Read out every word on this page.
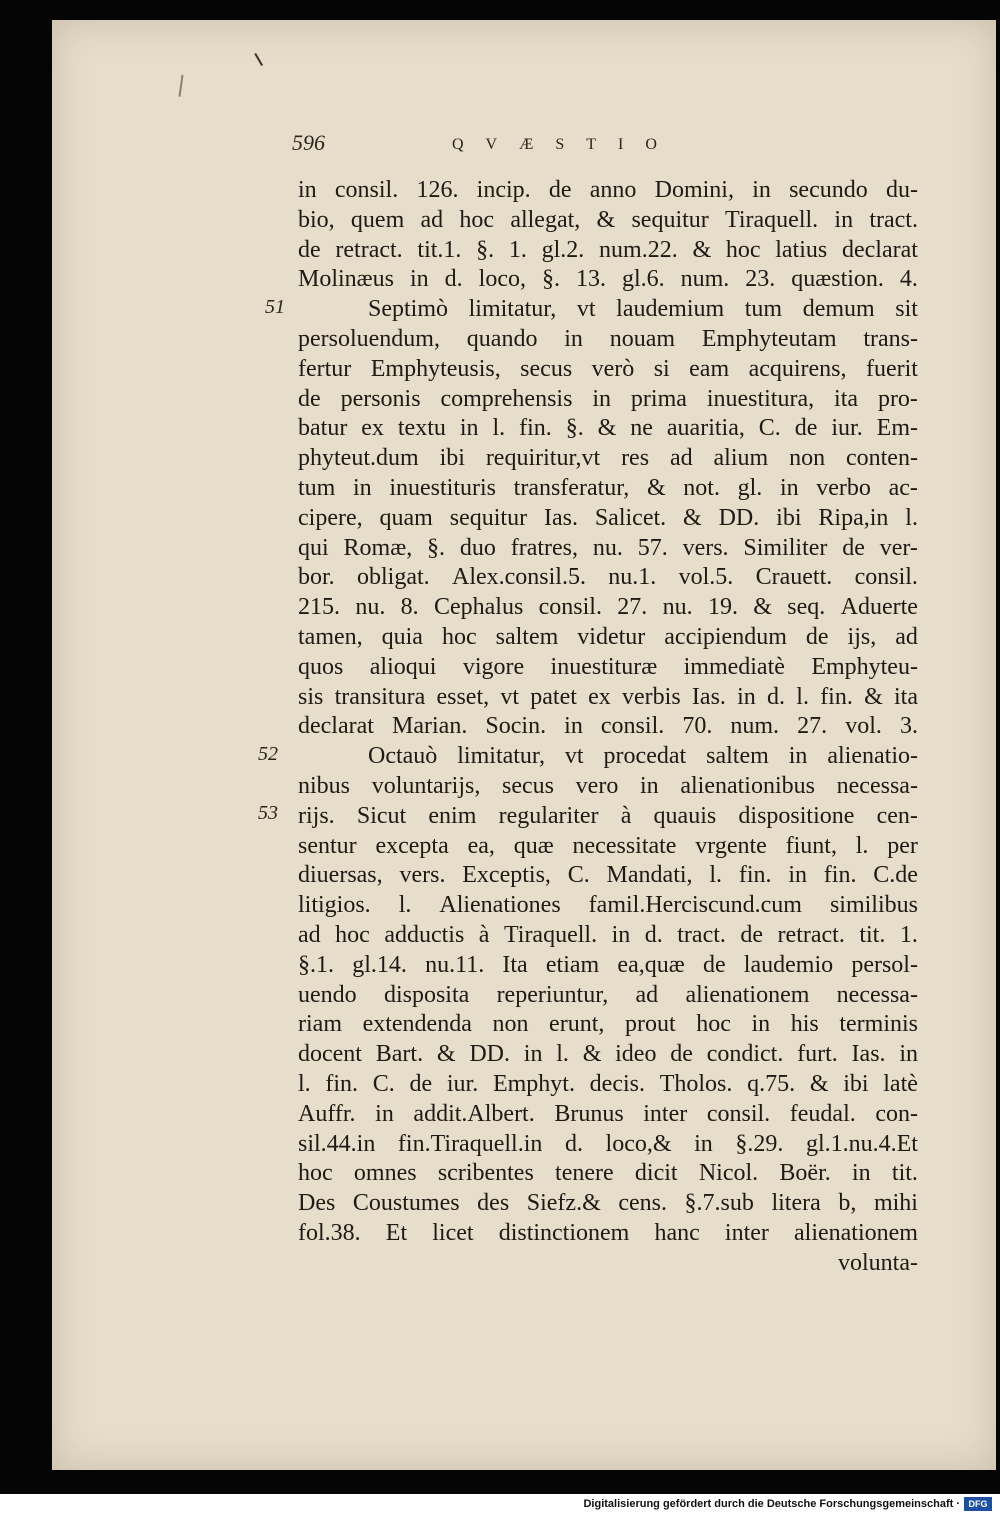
596	QVÆSTIO
51
52
53
in consil. 126. incip. de anno Domini, in secundo du-
bio, quem ad hoc allegat, & sequitur Tiraquell. in tract.
de retract. tit.1. §. 1. gl.2. num.22. & hoc latius declarat
Molinæus in d. loco, §. 13. gl.6. num. 23. quæstion. 4.
Septimò limitatur, vt laudemium tum demum sit
persoluendum, quando in nouam Emphyteutam trans-
fertur Emphyteusis, secus verò si eam acquirens, fuerit
de personis comprehensis in prima inuestitura, ita pro-
batur ex textu in l. fin. §. & ne auaritia, C. de iur. Em-
phyteut.dum ibi requiritur,vt res ad alium non conten-
tum in inuestituris transferatur, & not. gl. in verbo ac-
cipere, quam sequitur Ias. Salicet. & DD. ibi Ripa,in l.
qui Romæ, §. duo fratres, nu. 57. vers. Similiter de ver-
bor. obligat. Alex.consil.5. nu.1. vol.5. Crauett. consil.
215. nu. 8. Cephalus consil. 27. nu. 19. & seq. Aduerte
tamen, quia hoc saltem videtur accipiendum de ijs, ad
quos alioqui vigore inuestituræ immediatè Emphyteu-
sis transitura esset, vt patet ex verbis Ias. in d. l. fin. & ita
declarat Marian. Socin. in consil. 70. num. 27. vol. 3.
Octauò limitatur, vt procedat saltem in alienatio-
nibus voluntarijs, secus vero in alienationibus necessa-
rijs. Sicut enim regulariter à quauis dispositione cen-
sentur excepta ea, quæ necessitate vrgente fiunt, l. per
diuersas, vers. Exceptis, C. Mandati, l. fin. in fin. C.de
litigios. l. Alienationes famil.Herciscund.cum similibus
ad hoc adductis à Tiraquell. in d. tract. de retract. tit. 1.
§.1. gl.14. nu.11. Ita etiam ea,quæ de laudemio persol-
uendo disposita reperiuntur, ad alienationem necessa-
riam extendenda non erunt, prout hoc in his terminis
docent Bart. & DD. in l. & ideo de condict. furt. Ias. in
l. fin. C. de iur. Emphyt. decis. Tholos. q.75. & ibi latè
Auffr. in addit.Albert. Brunus inter consil. feudal. con-
sil.44.in fin.Tiraquell.in d. loco,& in §.29. gl.1.nu.4.Et
hoc omnes scribentes tenere dicit Nicol. Boër. in tit.
Des Coustumes des Siefz.& cens. §.7.sub litera b, mihi
fol.38. Et licet distinctionem hanc inter alienationem
volunta-
Digitalisierung gefördert durch die Deutsche Forschungsgemeinschaft · DFG
